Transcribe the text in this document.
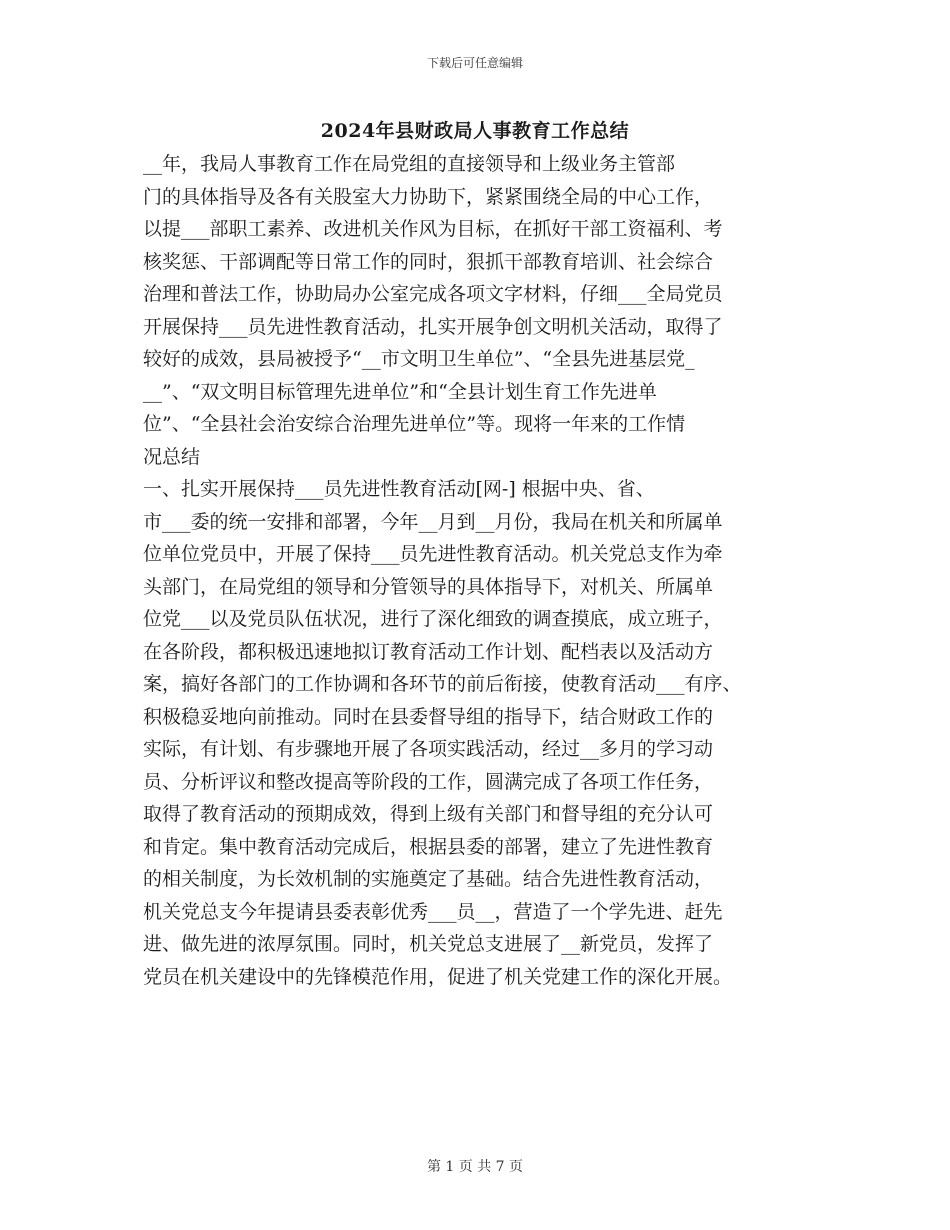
下载后可任意编辑
2024年县财政局人事教育工作总结
__年，我局人事教育工作在局党组的直接领导和上级业务主管部
门的具体指导及各有关股室大力协助下，紧紧围绕全局的中心工作，
以提___部职工素养、改进机关作风为目标，在抓好干部工资福利、考
核奖惩、干部调配等日常工作的同时，狠抓干部教育培训、社会综合
治理和普法工作，协助局办公室完成各项文字材料，仔细___全局党员
开展保持___员先进性教育活动，扎实开展争创文明机关活动，取得了
较好的成效，县局被授予“__市文明卫生单位”、“全县先进基层党_
__”、“双文明目标管理先进单位”和“全县计划生育工作先进单
位”、“全县社会治安综合治理先进单位”等。现将一年来的工作情
况总结
一、扎实开展保持___员先进性教育活动[网-] 根据中央、省、
市___委的统一安排和部署，今年__月到__月份，我局在机关和所属单
位单位党员中，开展了保持___员先进性教育活动。机关党总支作为牵
头部门，在局党组的领导和分管领导的具体指导下，对机关、所属单
位党___以及党员队伍状况，进行了深化细致的调查摸底，成立班子，
在各阶段，都积极迅速地拟订教育活动工作计划、配档表以及活动方
案，搞好各部门的工作协调和各环节的前后衔接，使教育活动___有序、
积极稳妥地向前推动。同时在县委督导组的指导下，结合财政工作的
实际，有计划、有步骤地开展了各项实践活动，经过__多月的学习动
员、分析评议和整改提高等阶段的工作，圆满完成了各项工作任务，
取得了教育活动的预期成效，得到上级有关部门和督导组的充分认可
和肯定。集中教育活动完成后，根据县委的部署，建立了先进性教育
的相关制度，为长效机制的实施奠定了基础。结合先进性教育活动，
机关党总支今年提请县委表彰优秀___员__，营造了一个学先进、赶先
进、做先进的浓厚氛围。同时，机关党总支进展了__新党员，发挥了
党员在机关建设中的先锋模范作用，促进了机关党建工作的深化开展。
第 1 页 共 7 页
